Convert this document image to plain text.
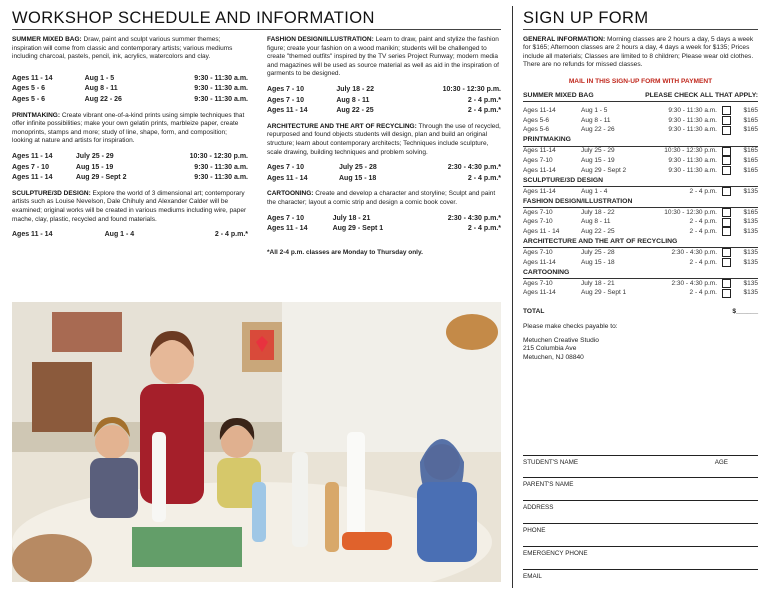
WORKSHOP SCHEDULE AND INFORMATION	SIGN UP FORM

SUMMER MIXED BAG: Draw, paint and sculpt various summer themes; inspiration will come from classic and contemporary artists; various mediums including charcoal, pastels, pencil, ink, acrylics, watercolors and clay.

Ages 11 - 14	Aug 1 - 5	9:30 - 11:30 a.m.
Ages 5 - 6	Aug 8 - 11	9:30 - 11:30 a.m.
Ages 5 - 6	Aug 22 - 26	9:30 - 11:30 a.m.

PRINTMAKING: Create vibrant one-of-a-kind prints using simple techniques that offer infinite possibilities; make your own gelatin prints, marbleize paper, create monoprints, stamps and more; study of line, shape, form, and composition; looking at nature and artists for inspiration.

Ages 11 - 14	July 25 - 29	10:30 - 12:30 p.m.
Ages 7 - 10	Aug 15 - 19	9:30 - 11:30 a.m.
Ages 11 - 14	Aug 29 - Sept 2	9:30 - 11:30 a.m.

SCULPTURE/3D DESIGN: Explore the world of 3 dimensional art; contemporary artists such as Louise Nevelson, Dale Chihuly and Alexander Calder will be examined; original works will be created in various mediums including wire, paper mache, clay, plastic, recycled and found materials.

Ages 11 - 14	Aug 1 - 4	2 - 4 p.m.*

FASHION DESIGN/ILLUSTRATION: Learn to draw, paint and stylize the fashion figure; create your fashion on a wood manikin; students will be challenged to create "themed outfits" inspired by the TV series Project Runway; modern media and magazines will be used as source material as well as aid in the inspiration of garments to be designed.

Ages 7 - 10	July 18 - 22	10:30 - 12:30 p.m.
Ages 7 - 10	Aug 8 - 11	2 - 4 p.m.*
Ages 11 - 14	Aug 22 - 25	2 - 4 p.m.*

ARCHITECTURE AND THE ART OF RECYCLING: Through the use of recycled, repurposed and found objects students will design, plan and build an original structure; learn about contemporary architects; Techniques include sculpture, scale drawing, building techniques and problem solving.

Ages 7 - 10	July 25 - 28	2:30 - 4:30 p.m.*
Ages 11 - 14	Aug 15 - 18	2 - 4 p.m.*

CARTOONING: Create and develop a character and storyline; Sculpt and paint the character; layout a comic strip and design a comic book cover.

Ages 7 - 10	July 18 - 21	2:30 - 4:30 p.m.*
Ages 11 - 14	Aug 29 - Sept 1	2 - 4 p.m.*
*All 2-4 p.m. classes are Monday to Thursday only.

GENERAL INFORMATION: Morning classes are 2 hours a day, 5 days a week for $165; Afternoon classes are 2 hours a day, 4 days a week for $135; Prices include all materials; Classes are limited to 8 children; Please wear old clothes. There are no refunds for missed classes.

MAIL IN THIS SIGN-UP FORM WITH PAYMENT
SUMMER MIXED BAG	PLEASE CHECK ALL THAT APPLY:
Ages 11-14	Aug 1 - 5	9:30 - 11:30 a.m.		$165
Ages 5-6	Aug 8 - 11	9:30 - 11:30 a.m.		$165
Ages 5-6	Aug 22 - 26	9:30 - 11:30 a.m.		$165
PRINTMAKING
Ages 11-14	July 25 - 29	10:30 - 12:30 p.m.		$165
Ages 7-10	Aug 15 - 19	9:30 - 11:30 a.m.		$165
Ages 11-14	Aug 29 - Sept 2	9:30 - 11:30 a.m.		$165
SCULPTURE/3D DESIGN
Ages 11-14	Aug 1 - 4	2 - 4 p.m.		$135
FASHION DESIGN/ILLUSTRATION
Ages 7-10	July 18 - 22	10:30 - 12:30 p.m.		$165
Ages 7-10	Aug 8 - 11	2 - 4 p.m.		$135
Ages 11 - 14	Aug 22 - 25	2 - 4 p.m.		$135
ARCHITECTURE AND THE ART OF RECYCLING
Ages 7-10	July 25 - 28	2:30 - 4:30 p.m.		$135
Ages 11-14	Aug 15 - 18	2 - 4 p.m.		$135
CARTOONING
Ages 7-10	July 18 - 21	2:30 - 4:30 p.m.		$135
Ages 11-14	Aug 29 - Sept 1	2 - 4 p.m.		$135
TOTAL	$______
Please make checks payable to:
Metuchen Creative Studio
215 Columbia Ave
Metuchen, NJ 08840
STUDENT'S NAME	AGE
PARENT'S NAME
ADDRESS
PHONE
EMERGENCY PHONE
EMAIL
